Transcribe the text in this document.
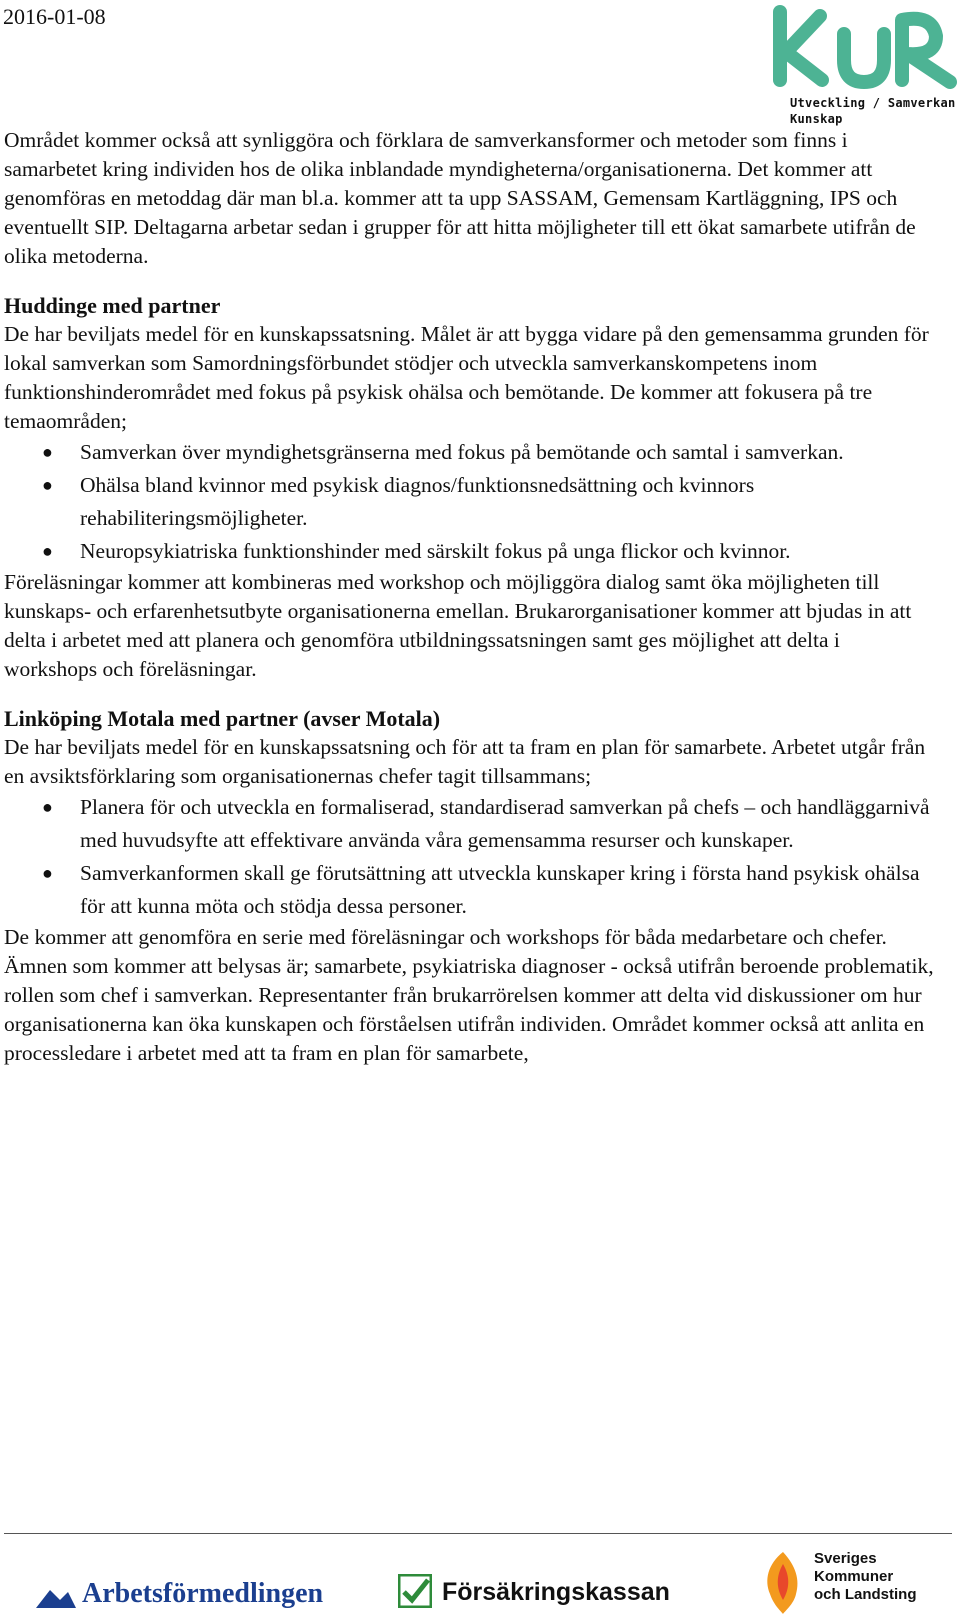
2016-01-08
Utveckling / Samverkan
Kunskap

Området kommer också att synliggöra och förklara de samverkansformer och metoder som finns i samarbetet kring individen hos de olika inblandade myndigheterna/organisationerna. Det kommer att genomföras en metoddag där man bl.a. kommer att ta upp SASSAM, Gemensam Kartläggning, IPS och eventuellt SIP. Deltagarna arbetar sedan i grupper för att hitta möjligheter till ett ökat samarbete utifrån de olika metoderna.

Huddinge med partner

De har beviljats medel för en kunskapssatsning. Målet är att bygga vidare på den gemensamma grunden för lokal samverkan som Samordningsförbundet stödjer och utveckla samverkanskompetens inom funktionshinderområdet med fokus på psykisk ohälsa och bemötande. De kommer att fokusera på tre temaområden;

● Samverkan över myndighetsgränserna med fokus på bemötande och samtal i samverkan.
● Ohälsa bland kvinnor med psykisk diagnos/funktionsnedsättning och kvinnors rehabiliteringsmöjligheter.
● Neuropsykiatriska funktionshinder med särskilt fokus på unga flickor och kvinnor.

Föreläsningar kommer att kombineras med workshop och möjliggöra dialog samt öka möjligheten till kunskaps- och erfarenhetsutbyte organisationerna emellan. Brukarorganisationer kommer att bjudas in att delta i arbetet med att planera och genomföra utbildningssatsningen samt ges möjlighet att delta i workshops och föreläsningar.

Linköping Motala med partner (avser Motala)

De har beviljats medel för en kunskapssatsning och för att ta fram en plan för samarbete. Arbetet utgår från en avsiktsförklaring som organisationernas chefer tagit tillsammans;

● Planera för och utveckla en formaliserad, standardiserad samverkan på chefs – och handläggarnivå med huvudsyfte att effektivare använda våra gemensamma resurser och kunskaper.
● Samverkanformen skall ge förutsättning att utveckla kunskaper kring i första hand psykisk ohälsa för att kunna möta och stödja dessa personer.

De kommer att genomföra en serie med föreläsningar och workshops för båda medarbetare och chefer. Ämnen som kommer att belysas är; samarbete, psykiatriska diagnoser - också utifrån beroende problematik, rollen som chef i samverkan. Representanter från brukarrörelsen kommer att delta vid diskussioner om hur organisationerna kan öka kunskapen och förståelsen utifrån individen. Området kommer också att anlita en processledare i arbetet med att ta fram en plan för samarbete,

Arbetsförmedlingen	Försäkringskassan
Sveriges
Kommuner
och Landsting
